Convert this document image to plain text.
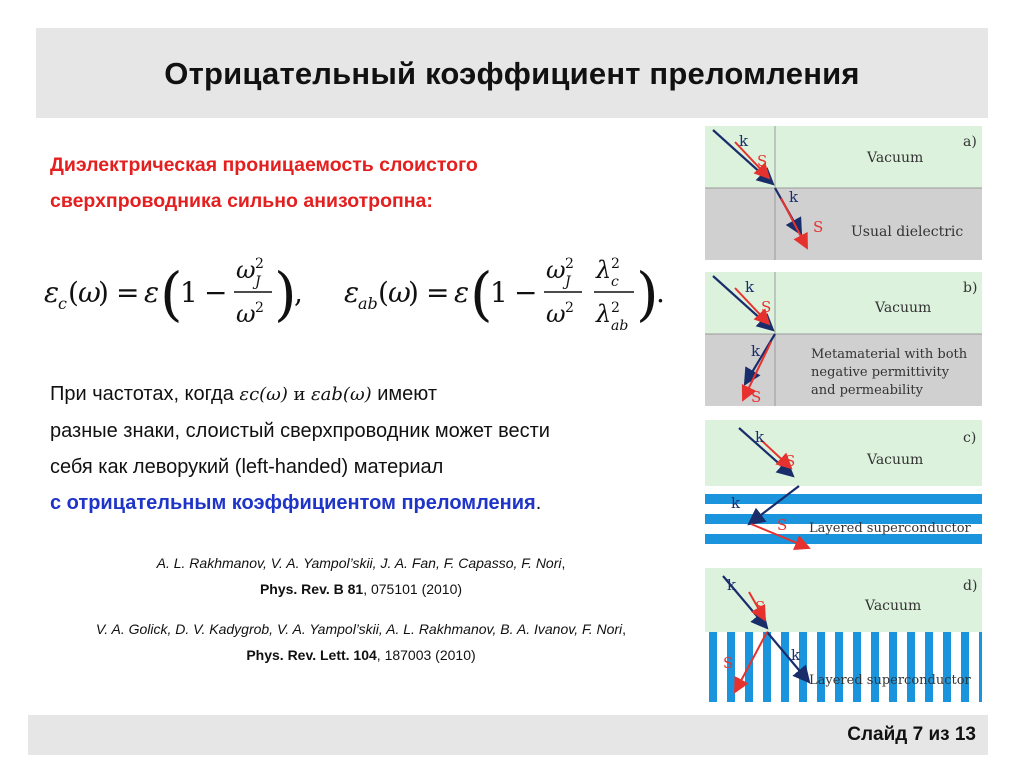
Отрицательный коэффициент преломления
Диэлектрическая проницаемость слоистого
сверхпроводника сильно анизотропна:
ε
c ( ω
) = ε (
1 −
ω 2
J
ω 2 )
, ε
ab ( ω
) = ε (
1 −
ω 2
J
ω 2
λ 2
c
λ 2
ab )
.
При частотах, когда εc(ω) и εab(ω) имеют
разные знаки, слоистый сверхпроводник может вести
себя как леворукий (left-handed) материал
с отрицательным коэффициентом преломления.
A. L. Rakhmanov, V. A. Yampol’skii, J. A. Fan, F. Capasso, F. Nori,
Phys. Rev. B 81, 075101 (2010)
V. A. Golick, D. V. Kadygrob, V. A. Yampol’skii, A. L. Rakhmanov, B. A. Ivanov, F. Nori,
Phys. Rev. Lett. 104, 187003 (2010)
k
S
k
S
Vacuum
Usual dielectric
a)
k
S
k
S
Vacuum
Metamaterial with both
negative permittivity
and permeability
b)
k
S
k
S
Vacuum
Layered superconductor
c)
k
S
k
S
Vacuum
Layered superconductor
d)
Слайд 7 из 13
